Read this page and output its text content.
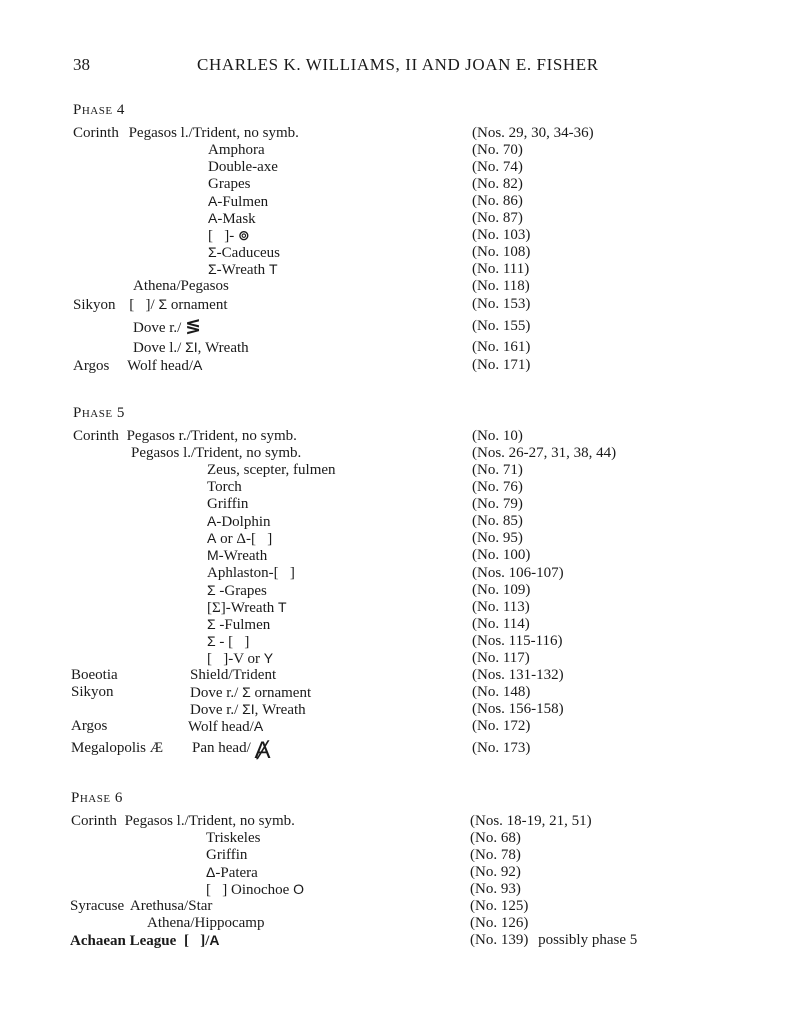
38	CHARLES K. WILLIAMS, II AND JOAN E. FISHER
Phase 4
Corinth Pegasos l./Trident, no symb.	(Nos. 29, 30, 34-36)
Amphora	(No. 70)
Double-axe	(No. 74)
Grapes	(No. 82)
A-Fulmen	(No. 86)
A-Mask	(No. 87)
[   ]- ⊚	(No. 103)
Σ-Caduceus	(No. 108)
Σ-Wreath T	(No. 111)
Athena/Pegasos	(No. 118)
Sikyon [   ]/ Σ ornament	(No. 153)
Dove r./ ≶	(No. 155)
Dove l./ ΣΙ, Wreath	(No. 161)
Argos Wolf head/A	(No. 171)
Phase 5
Corinth Pegasos r./Trident, no symb.	(No. 10)
Pegasos l./Trident, no symb.	(Nos. 26-27, 31, 38, 44)
Zeus, scepter, fulmen	(No. 71)
Torch	(No. 76)
Griffin	(No. 79)
A-Dolphin	(No. 85)
A or Δ-[   ]	(No. 95)
M-Wreath	(No. 100)
Aphlaston-[   ]	(Nos. 106-107)
Σ -Grapes	(No. 109)
[Σ]-Wreath T	(No. 113)
Σ -Fulmen	(No. 114)
Σ - [   ]	(Nos. 115-116)
[   ]-V or Y	(No. 117)
Boeotia	Shield/Trident	(Nos. 131-132)
Sikyon	Dove r./ Σ ornament	(No. 148)
Dove r./ ΣΙ, Wreath	(Nos. 156-158)
Argos	Wolf head/A	(No. 172)
Megalopolis Æ Pan head/ Ⱥ	(No. 173)
Phase 6
Corinth Pegasos l./Trident, no symb.	(Nos. 18-19, 21, 51)
Triskeles	(No. 68)
Griffin	(No. 78)
Δ-Patera	(No. 92)
[   ] Oinochoe O	(No. 93)
Syracuse Arethusa/Star	(No. 125)
Athena/Hippocamp	(No. 126)
Achaean League [   ]/A	(No. 139) possibly phase 5
